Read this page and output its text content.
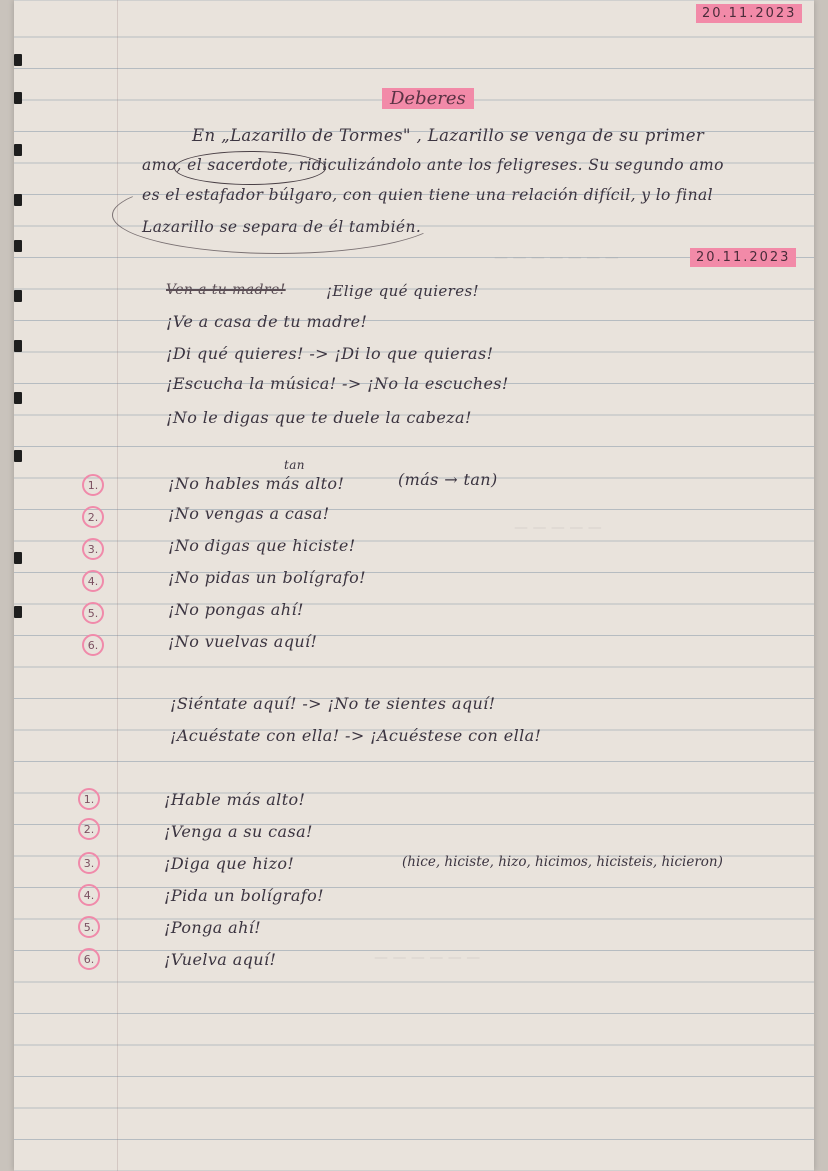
— — — — — — —
— — — — —
— — — — — —
20.11.2023
Deberes
En „Lazarillo de Tormes" , Lazarillo se venga de su primer
amo, el sacerdote, ridiculizándolo ante los feligreses. Su segundo amo
es el estafador búlgaro, con quien tiene una relación difícil, y lo final
Lazarillo se separa de él también.
20.11.2023
Ven a tu madre!	¡Elige qué quieres!
¡Ve a casa de tu madre!
¡Di qué quieres! -> ¡Di lo que quieras!
¡Escucha la música! -> ¡No la escuches!
¡No le digas que te duele la cabeza!
1.	¡No hables más alto!
tan
(más → tan)
2.	¡No vengas a casa!
3.	¡No digas que hiciste!
4.	¡No pidas un bolígrafo!
5.	¡No pongas ahí!
6.	¡No vuelvas aquí!
¡Siéntate aquí! -> ¡No te sientes aquí!
¡Acuéstate con ella! -> ¡Acuéstese con ella!
1.	¡Hable más alto!
2.	¡Venga a su casa!
3.	¡Diga que hizo!	(hice, hiciste, hizo, hicimos, hicisteis, hicieron)
4.	¡Pida un bolígrafo!
5.	¡Ponga ahí!
6.	¡Vuelva aquí!
